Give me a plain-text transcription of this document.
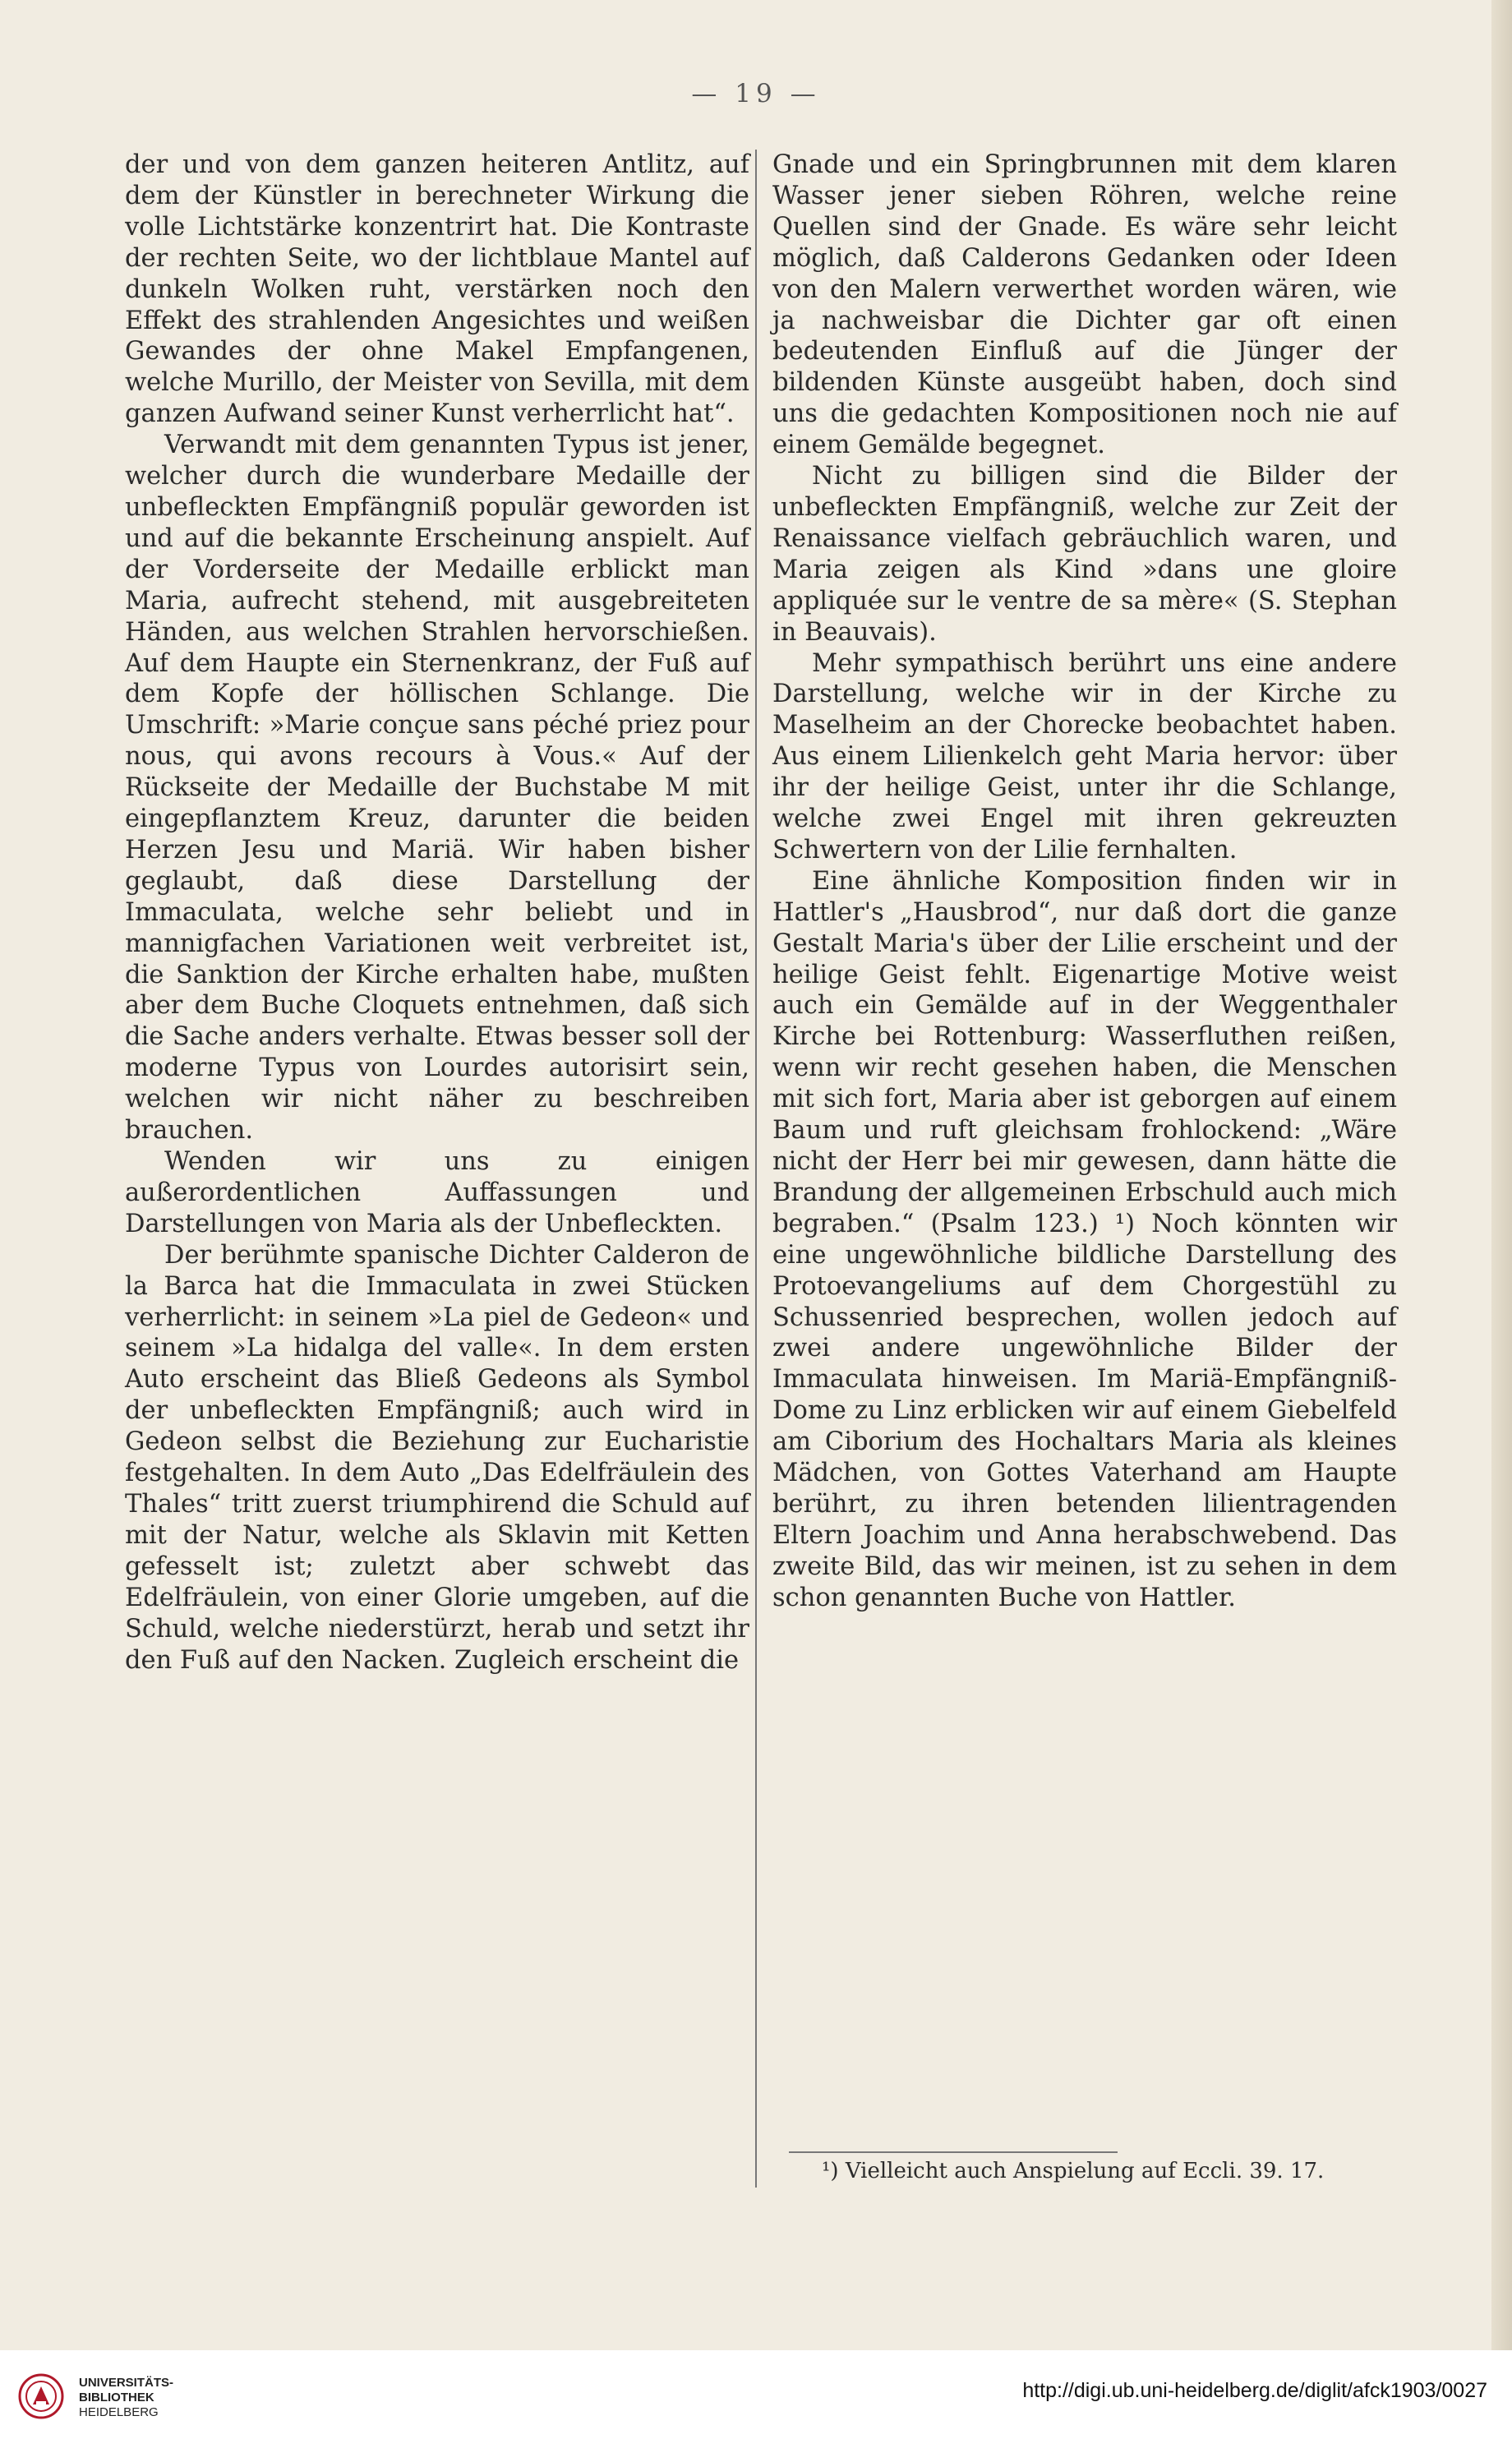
— 19 —

der und von dem ganzen heiteren Antlitz, auf dem der Künstler in berechneter Wirkung die volle Lichtstärke konzentrirt hat. Die Kontraste der rechten Seite, wo der lichtblaue Mantel auf dunkeln Wolken ruht, verstärken noch den Effekt des strahlenden Angesichtes und weißen Gewandes der ohne Makel Empfangenen, welche Murillo, der Meister von Sevilla, mit dem ganzen Aufwand seiner Kunst verherrlicht hat“.

Verwandt mit dem genannten Typus ist jener, welcher durch die wunderbare Medaille der unbefleckten Empfängniß populär geworden ist und auf die bekannte Erscheinung anspielt. Auf der Vorderseite der Medaille erblickt man Maria, aufrecht stehend, mit ausgebreiteten Händen, aus welchen Strahlen hervorschießen. Auf dem Haupte ein Sternenkranz, der Fuß auf dem Kopfe der höllischen Schlange. Die Umschrift: »Marie conçue sans péché priez pour nous, qui avons recours à Vous.« Auf der Rückseite der Medaille der Buchstabe M mit eingepflanztem Kreuz, darunter die beiden Herzen Jesu und Mariä. Wir haben bisher geglaubt, daß diese Darstellung der Immaculata, welche sehr beliebt und in mannigfachen Variationen weit verbreitet ist, die Sanktion der Kirche erhalten habe, mußten aber dem Buche Cloquets entnehmen, daß sich die Sache anders verhalte. Etwas besser soll der moderne Typus von Lourdes autorisirt sein, welchen wir nicht näher zu beschreiben brauchen.

Wenden wir uns zu einigen außerordentlichen Auffassungen und Darstellungen von Maria als der Unbefleckten.

Der berühmte spanische Dichter Calderon de la Barca hat die Immaculata in zwei Stücken verherrlicht: in seinem »La piel de Gedeon« und seinem »La hidalga del valle«. In dem ersten Auto erscheint das Bließ Gedeons als Symbol der unbefleckten Empfängniß; auch wird in Gedeon selbst die Beziehung zur Eucharistie festgehalten. In dem Auto „Das Edelfräulein des Thales“ tritt zuerst triumphirend die Schuld auf mit der Natur, welche als Sklavin mit Ketten gefesselt ist; zuletzt aber schwebt das Edelfräulein, von einer Glorie umgeben, auf die Schuld, welche niederstürzt, herab und setzt ihr den Fuß auf den Nacken. Zugleich erscheint die

Gnade und ein Springbrunnen mit dem klaren Wasser jener sieben Röhren, welche reine Quellen sind der Gnade. Es wäre sehr leicht möglich, daß Calderons Gedanken oder Ideen von den Malern verwerthet worden wären, wie ja nachweisbar die Dichter gar oft einen bedeutenden Einfluß auf die Jünger der bildenden Künste ausgeübt haben, doch sind uns die gedachten Kompositionen noch nie auf einem Gemälde begegnet.

Nicht zu billigen sind die Bilder der unbefleckten Empfängniß, welche zur Zeit der Renaissance vielfach gebräuchlich waren, und Maria zeigen als Kind »dans une gloire appliquée sur le ventre de sa mère« (S. Stephan in Beauvais).

Mehr sympathisch berührt uns eine andere Darstellung, welche wir in der Kirche zu Maselheim an der Chorecke beobachtet haben. Aus einem Lilienkelch geht Maria hervor: über ihr der heilige Geist, unter ihr die Schlange, welche zwei Engel mit ihren gekreuzten Schwertern von der Lilie fernhalten.

Eine ähnliche Komposition finden wir in Hattler's „Hausbrod“, nur daß dort die ganze Gestalt Maria's über der Lilie erscheint und der heilige Geist fehlt. Eigenartige Motive weist auch ein Gemälde auf in der Weggenthaler Kirche bei Rottenburg: Wasserfluthen reißen, wenn wir recht gesehen haben, die Menschen mit sich fort, Maria aber ist geborgen auf einem Baum und ruft gleichsam frohlockend: „Wäre nicht der Herr bei mir gewesen, dann hätte die Brandung der allgemeinen Erbschuld auch mich begraben.“ (Psalm 123.) ¹) Noch könnten wir eine ungewöhnliche bildliche Darstellung des Protoevangeliums auf dem Chorgestühl zu Schussenried besprechen, wollen jedoch auf zwei andere ungewöhnliche Bilder der Immaculata hinweisen. Im Mariä-Empfängniß-Dome zu Linz erblicken wir auf einem Giebelfeld am Ciborium des Hochaltars Maria als kleines Mädchen, von Gottes Vaterhand am Haupte berührt, zu ihren betenden lilientragenden Eltern Joachim und Anna herabschwebend. Das zweite Bild, das wir meinen, ist zu sehen in dem schon genannten Buche von Hattler.

¹) Vielleicht auch Anspielung auf Eccli. 39. 17.
UNIVERSITÄTS-
BIBLIOTHEK
HEIDELBERG
http://digi.ub.uni-heidelberg.de/diglit/afck1903/0027
